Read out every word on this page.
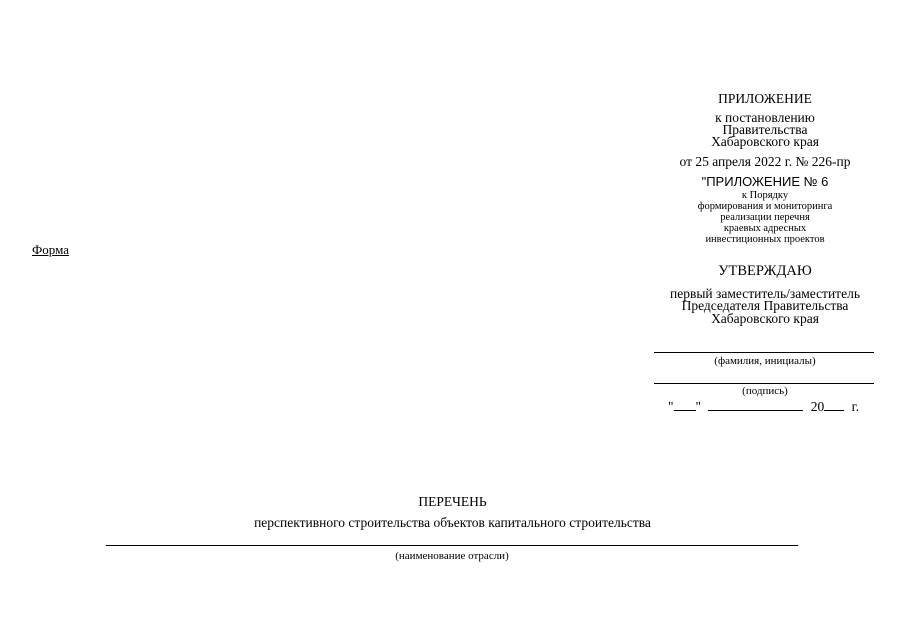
Форма
ПРИЛОЖЕНИЕ
к постановлению
Правительства
Хабаровского края
от 25 апреля 2022 г. № 226-пр
"ПРИЛОЖЕНИЕ № 6
к Порядку
формирования и мониторинга
реализации перечня
краевых адресных
инвестиционных проектов
УТВЕРЖДАЮ
первый заместитель/заместитель
Председателя Правительства
Хабаровского края
(фамилия, инициалы)
(подпись)
" "	20 г.
ПЕРЕЧЕНЬ
перспективного строительства объектов капитального строительства
(наименование отрасли)
